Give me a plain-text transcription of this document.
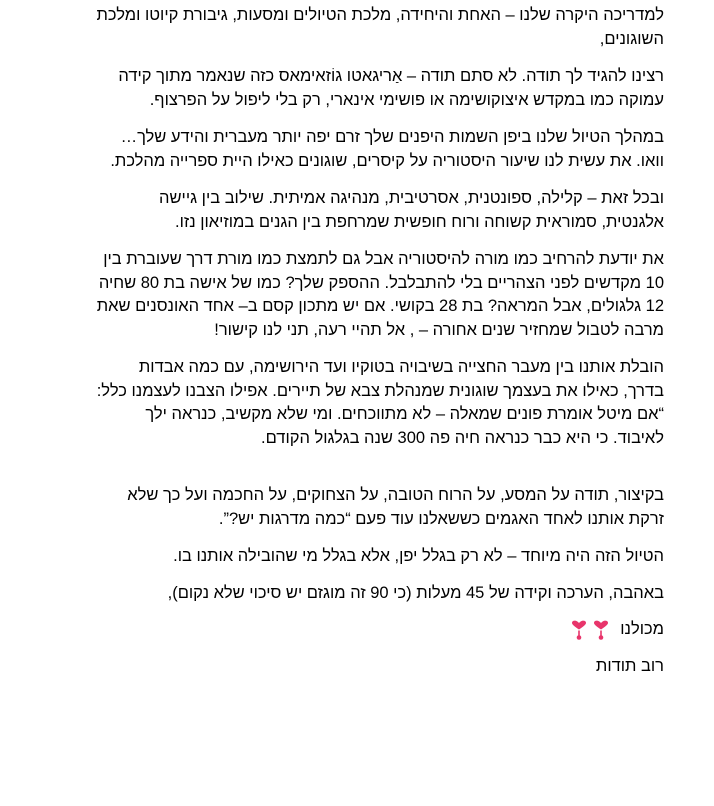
למדריכה היקרה שלנו – האחת והיחידה, מלכת הטיולים ומסעות, גיבורת קיוטו ומלכת השוגונים,

רצינו להגיד לך תודה. לא סתם תודה – אַריגאטו גוֹזאימאס כזה שנאמר מתוך קידה עמוקה כמו במקדש איצוקושימה או פושימי אינארי, רק בלי ליפול על הפרצוף.

במהלך הטיול שלנו ביפן השמות היפנים שלך זרם יפה יותר מעברית והידע שלך… וואו. את עשית לנו שיעור היסטוריה על קיסרים, שוגונים כאילו היית ספרייה מהלכת.

ובכל זאת – קלילה, ספונטנית, אסרטיבית, מנהיגה אמיתית. שילוב בין גיישה אלגנטית, סמוראית קשוחה ורוח חופשית שמרחפת בין הגנים במוזיאון נזו.

את יודעת להרחיב כמו מורה להיסטוריה אבל גם לתמצת כמו מורת דרך שעוברת בין 10 מקדשים לפני הצהריים בלי להתבלבל. ההספק שלך? כמו של אישה בת 80 שחיה 12 גלגולים, אבל המראה? בת 28 בקושי. אם יש מתכון קסם ב– אחד האונסנים שאת מרבה לטבול שמחזיר שנים אחורה – , אל תהיי רעה, תני לנו קישור!

הובלת אותנו בין מעבר החצייה בשיבויה בטוקיו ועד הירושימה, עם כמה אבדות בדרך, כאילו את בעצמך שוגונית שמנהלת צבא של תיירים. אפילו הצבנו לעצמנו כלל: “אם מיטל אומרת פונים שמאלה – לא מתווכחים. ומי שלא מקשיב, כנראה ילך לאיבוד. כי היא כבר כנראה חיה פה 300 שנה בגלגול הקודם.

בקיצור, תודה על המסע, על הרוח הטובה, על הצחוקים, על החכמה ועל כך שלא זרקת אותנו לאחד האגמים כששאלנו עוד פעם “כמה מדרגות יש?”.

הטיול הזה היה מיוחד – לא רק בגלל יפן, אלא בגלל מי שהובילה אותנו בו.

באהבה, הערכה וקידה של 45 מעלות (כי 90 זה מוגזם יש סיכוי שלא נקום),

מכולנו
רוב תודות
